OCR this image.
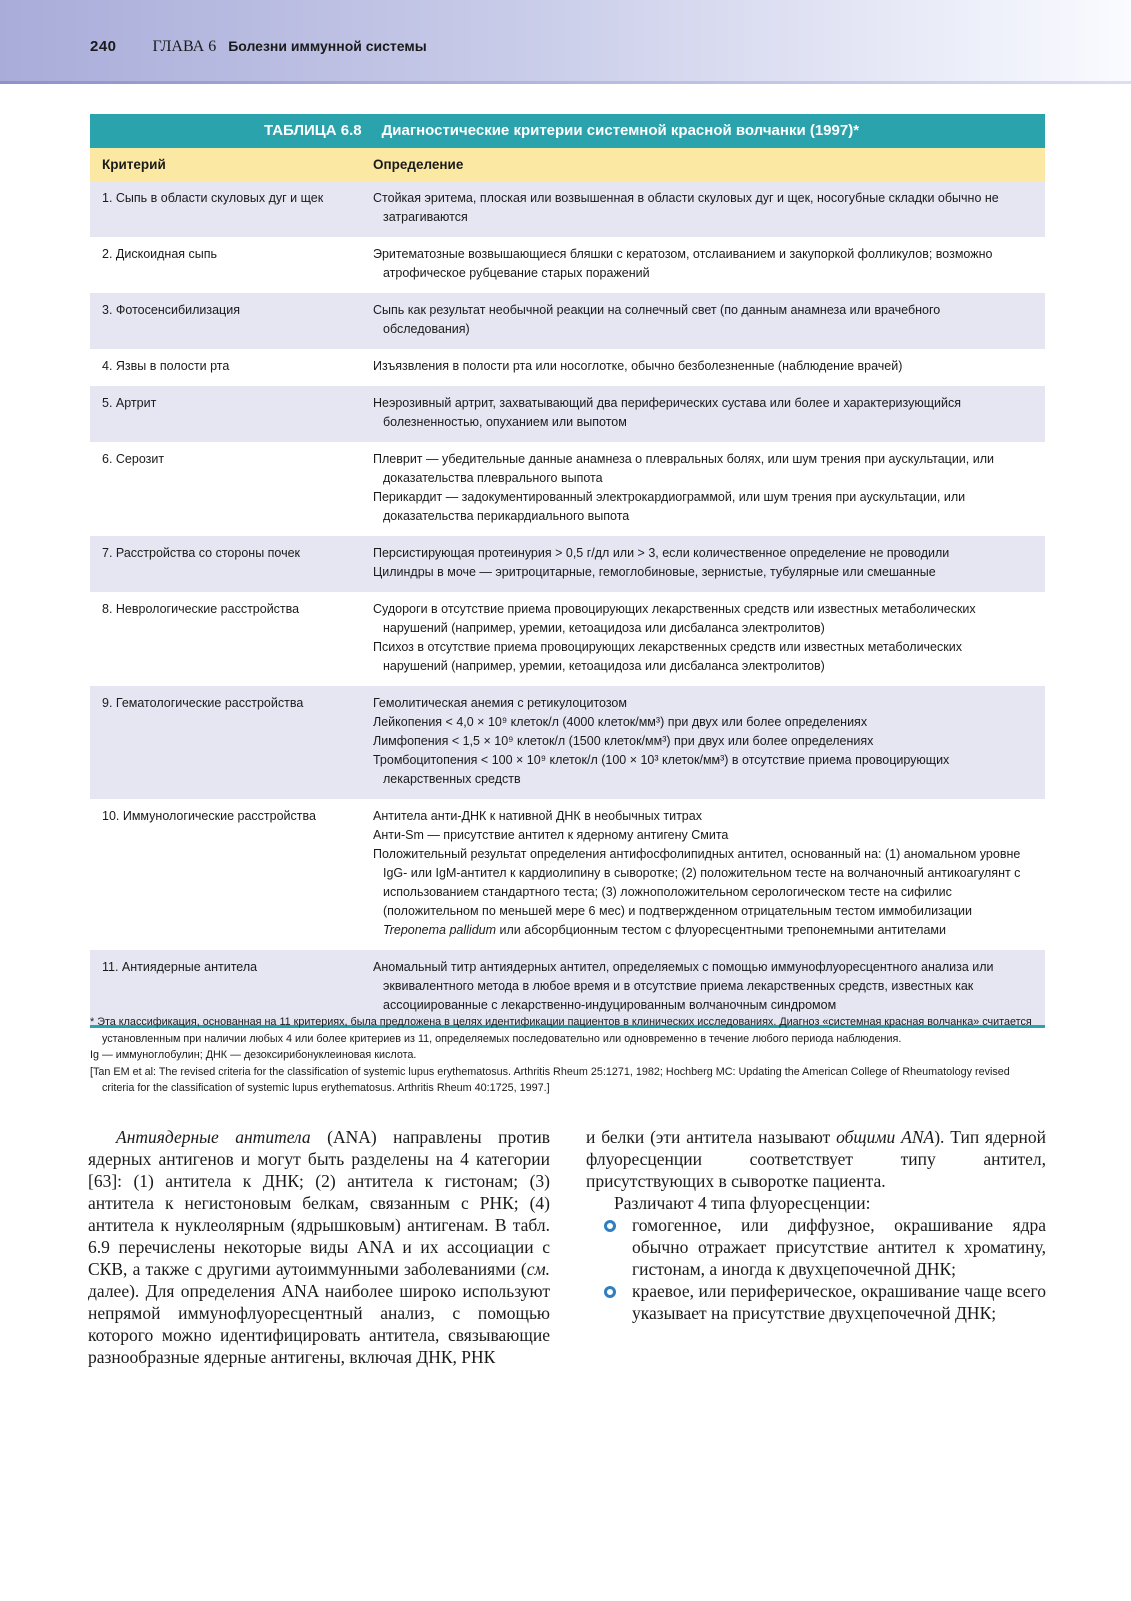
240 ГЛАВА 6 Болезни иммунной системы
ТАБЛИЦА 6.8 Диагностические критерии системной красной волчанки (1997)*
Критерий	Определение
1. Сыпь в области скуловых дуг и щек	Стойкая эритема, плоская или возвышенная в области скуловых дуг и щек, носогубные складки обычно не затрагиваются
2. Дискоидная сыпь	Эритематозные возвышающиеся бляшки с кератозом, отслаиванием и закупоркой фолликулов; возможно атрофическое рубцевание старых поражений
3. Фотосенсибилизация	Сыпь как результат необычной реакции на солнечный свет (по данным анамнеза или врачебного обследования)
4. Язвы в полости рта	Изъязвления в полости рта или носоглотке, обычно безболезненные (наблюдение врачей)
5. Артрит	Неэрозивный артрит, захватывающий два периферических сустава или более и характеризующийся болезненностью, опуханием или выпотом
6. Серозит	Плеврит — убедительные данные анамнеза о плевральных болях, или шум трения при аускультации, или доказательства плеврального выпота
Перикардит — задокументированный электрокардиограммой, или шум трения при аускультации, или доказательства перикардиального выпота
7. Расстройства со стороны почек	Персистирующая протеинурия > 0,5 г/дл или > 3, если количественное определение не проводили
Цилиндры в моче — эритроцитарные, гемоглобиновые, зернистые, тубулярные или смешанные
8. Неврологические расстройства	Судороги в отсутствие приема провоцирующих лекарственных средств или известных метаболических нарушений (например, уремии, кетоацидоза или дисбаланса электролитов)
Психоз в отсутствие приема провоцирующих лекарственных средств или известных метаболических нарушений (например, уремии, кетоацидоза или дисбаланса электролитов)
9. Гематологические расстройства	Гемолитическая анемия с ретикулоцитозом
Лейкопения < 4,0 × 10⁹ клеток/л (4000 клеток/мм³) при двух или более определениях
Лимфопения < 1,5 × 10⁹ клеток/л (1500 клеток/мм³) при двух или более определениях
Тромбоцитопения < 100 × 10⁹ клеток/л (100 × 10³ клеток/мм³) в отсутствие приема провоцирующих лекарственных средств
10. Иммунологические расстройства	Антитела анти-ДНК к нативной ДНК в необычных титрах
Анти-Sm — присутствие антител к ядерному антигену Смита
Положительный результат определения антифосфолипидных антител, основанный на: (1) аномальном уровне IgG- или IgM-антител к кардиолипину в сыворотке; (2) положительном тесте на волчаночный антикоагулянт с использованием стандартного теста; (3) ложноположительном серологическом тесте на сифилис (положительном по меньшей мере 6 мес) и подтвержденном отрицательным тестом иммобилизации Treponema pallidum или абсорбционным тестом с флуоресцентными трепонемными антителами
11. Антиядерные антитела	Аномальный титр антиядерных антител, определяемых с помощью иммунофлуоресцентного анализа или эквивалентного метода в любое время и в отсутствие приема лекарственных средств, известных как ассоциированные с лекарственно-индуцированным волчаночным синдромом
* Эта классификация, основанная на 11 критериях, была предложена в целях идентификации пациентов в клинических исследованиях. Диагноз «системная красная волчанка» считается установленным при наличии любых 4 или более критериев из 11, определяемых последовательно или одновременно в течение любого периода наблюдения.
Ig — иммуноглобулин; ДНК — дезоксирибонуклеиновая кислота.
[Tan EM et al: The revised criteria for the classification of systemic lupus erythematosus. Arthritis Rheum 25:1271, 1982; Hochberg MC: Updating the American College of Rheumatology revised criteria for the classification of systemic lupus erythematosus. Arthritis Rheum 40:1725, 1997.]

Антиядерные антитела (ANA) направлены против ядерных антигенов и могут быть разделены на 4 категории [63]: (1) антитела к ДНК; (2) антитела к гистонам; (3) антитела к негистоновым белкам, связанным с РНК; (4) антитела к нуклеолярным (ядрышковым) антигенам. В табл. 6.9 перечислены некоторые виды ANA и их ассоциации с СКВ, а также с другими аутоиммунными заболеваниями (см. далее). Для определения ANA наиболее широко используют непрямой иммунофлуоресцентный анализ, с помощью которого можно идентифицировать антитела, связывающие разнообразные ядерные антигены, включая ДНК, РНК

и белки (эти антитела называют общими ANA). Тип ядерной флуоресценции соответствует типу антител, присутствующих в сыворотке пациента.

Различают 4 типа флуоресценции:

гомогенное, или диффузное, окрашивание ядра обычно отражает присутствие антител к хроматину, гистонам, а иногда к двухцепочечной ДНК;

краевое, или периферическое, окрашивание чаще всего указывает на присутствие двухцепочечной ДНК;
